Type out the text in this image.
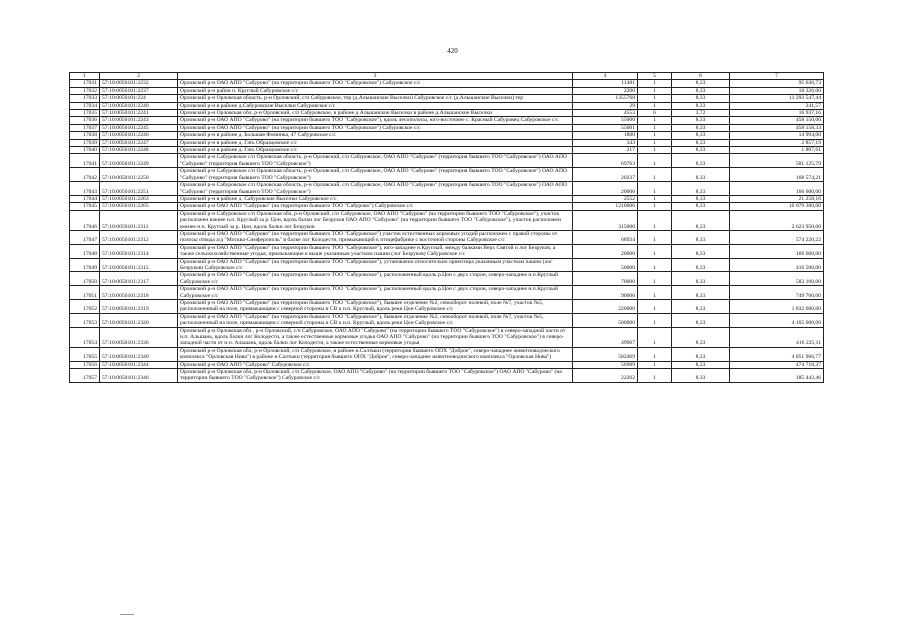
420
1	2	3	4	5	6	7
17031	57:10:0050101:2232	Орловский р-н ОАО АПО "Сабурово" (на территории бывшего ТОО "Сабуровское") Сабуровское с/с	11481	1	8,33	95 636,73
17032	57:10:0050101:2237	Орловский р-н район п. Круглый Сабуровское с/с	2200	1	8,33	18 326,00
17033	57:10:0050101:224	Орловский р-н Орловская область, р-н Орловский, с/п Сабуровское, тер (д.Альшанские Выселки) Сабуровское с/с (д.Альшанские Выселки) тер	1355768	1	8,33	11 293 547,44
17034	57:10:0050101:2240	Орловский р-н в районе д.Сабуровские Выселки Сабуровское с/с	29	1	8,33	241,57
17035	57:10:0050101:2241	Орловский р-н Орловская обл, р-н Орловский, с/п Сабуровское, в районе д Альшанские Выселки в районе д.Альшанские Выселки	4553	6	3,72	16 937,16
17036	57:10:0050101:2243	Орловский р-н ОАО АПО "Сабурово" (на территории бывшего ТОО "Сабуровское"), вдоль лесополосы, юго-восточнее с. Красный Сабуровец Сабуровское с/с	55000	1	8,33	458 150,00
17037	57:10:0050101:2245	Орловский р-н ОАО АПО "Сабурово" (на территории бывшего ТОО "Сабуровское") Сабуровское с/с	55001	1	8,33	458 158,33
17038	57:10:0050101:2246	Орловский р-н в районе д. Большая Фоминка, 47 Сабуровское с/с	1800	1	8,33	14 994,00
17039	57:10:0050101:2247	Орловский р-н в районе д. Гать Образцовское с/с	343	1	8,33	2 857,19
17040	57:10:0050101:2248	Орловский р-н в районе д. Гать Образцовское с/с	217	1	8,33	1 807,61
17041	57:10:0050101:2249	Орловский р-н Сабуровское с/п Орловская область, р-н Орловский, с/п Сабуровское, ОАО АПО "Сабурово" (территория бывшего ТОО "Сабуровское") ОАО АПО "Сабурово" (территория бывшего ТОО "Сабуровское")	69763	1	8,33	581 125,79
17042	57:10:0050101:2250	Орловский р-н Сабуровское с/п Орловская область, р-н Орловский, с/п Сабуровское, ОАО АПО "Сабурово" (территория бывшего ТОО "Сабуровское") ОАО АПО "Сабурово" (территория бывшего ТОО "Сабуровское")	20237	1	8,33	168 574,21
17043	57:10:0050101:2251	Орловский р-н Сабуровское с/п Орловская область, р-н Орловский, с/п Сабуровское, ОАО АПО "Сабурово" (территория бывшего ТОО "Сабуровское") ОАО АПО "Сабурово" (территория бывшего ТОО "Сабуровское")	20000	1	8,33	166 600,00
17044	57:10:0050101:2263	Орловский р-н в районе д. Сабуровские Выселки Сабуровское с/с	2552	1	8,33	21 258,16
17045	57:10:0050101:2265	Орловский р-н ОАО АПО "Сабурово" (на территории бывшего ТОО "Сабурово") Сабуровское с/с	1210000	1	8,33	10 079 300,00
17046	57:10:0050101:2311	Орловский р-н Сабуровское с/п Орловская обл, р-н Орловский, с/п Сабуровское, ОАО АПО "Сабурово" (на территории бывшего ТОО "Сабуровское"), участок расположен южнее н.п. Круглый за р. Цон, вдоль балки лог Безруков ОАО АПО "Сабурово" (на территории бывшего ТОО "Сабуровское"), участок расположен южнее н.п. Круглый за р. Цон, вдоль балки лог Безруков	315000	1	8,33	2 623 950,00
17047	57:10:0050101:2312	Орловский р-н ОАО АПО "Сабурово" (на территории бывшего ТОО "Сабуровское") участок естественных кормовых угодий расположен с правой стороны от полосы отвода а/д "Москва-Симферополь" в балке лог Колодести, примыкающий к птицефабрике с восточной стороны Сабуровское с/с	68934	1	8,33	574 220,22
17048	57:10:0050101:2314	Орловский р-н ОАО АПО "Сабурово" (на территории бывшего ТОО "Сабуровское"), юго-западнее н.Круглый, между балками Верх Святой и лог Безруков, а также сельскохозяйственные угодья, примыкающие к выше указанным участком пашни (лог Безруков) Сабуровское с/с	20000	1	8,33	166 600,00
17049	57:10:0050101:2315	Орловский р-н ОАО АПО "Сабурово" (на территории бывшего ТОО "Сабуровское"), установлено относительно ориентира указанным участкам пашни (лог Безруков) Сабуровское с/с	50000	1	8,33	416 500,00
17050	57:10:0050101:2317	Орловский р-н ОАО АПО "Сабурово" (на территории бывшего ТОО "Сабуровское"), расположенный вдоль р.Цон с двух сторон, северо-западнее н.п.Круглый Сабуровское с/с	70000	1	8,33	583 100,00
17051	57:10:0050101:2318	Орловский р-н ОАО АПО "Сабурово" (на территории бывшего ТОО "Сабуровское"), расположенный вдоль р.Цон с двух сторон, северо-западнее н.п.Круглый Сабуровское с/с	90000	1	8,33	749 700,00
17052	57:10:0050101:2319	Орловский р-н ОАО АПО "Сабурово" (на территории бывшего ТОО "Сабуровское"), бывшее отделение №2, севооборот полевой, поле №7, участок №5, расположенный на поле, примыкающем с северной стороны и СВ к н.п. Круглый, вдоль реки Цон Сабуровское с/с	220000	1	8,33	1 832 600,00
17053	57:10:0050101:2320	Орловский р-н ОАО АПО "Сабурово" (на территории бывшего ТОО "Сабуровское"), бывшее отделение №2, севооборот полевой, поле №7, участок №5, расположенный на поле, примыкающем с северной стороны и СВ к н.п. Круглый, вдоль реки Цон Сабуровское с/с	500000	1	8,33	4 165 000,00
17054	57:10:0050101:2336	Орловский р-н Орловская обл., р-н Орловский, с/п Сабуровское, ОАО АПО "Сабурово" (на территории бывшего ТОО "Сабуровское") в северо-западной части от н.п. Альшань, вдоль балки лог Колодести, а также естественные кормовые угодья ОАО АПО "Сабурово" (на территории бывшего ТОО "Сабуровское") в северо-западной части от н.п. Альшань, вдоль балки лог Колодести, а также естественные кормовые угодья	49967	1	8,33	416 225,11
17055	57:10:0050101:2340	Орловский р-н Орловская обл, р-н Орловский, с/п Сабуровское, в районе н.Салтыки (территория бывшего ОПХ "Доброе", северо-западнее животноводческого комплекса "Орловская Нива") в районе н.Салтыки (территория бывшего ОПХ "Доброе", северо-западнее животноводческого комплекса "Орловская Нива")	582469	1	8,33	4 851 966,77
17056	57:10:0050101:2344	Орловский р-н ОАО АПО "Сабурово" Сабуровское с/с	56989	1	8,33	474 718,37
17057	57:10:0050101:2346	Орловский р-н Орловская обл, р-н Орловский, с/п Сабуровское, ОАО АПО "Сабурово" (на территории бывшего ТОО "Сабуровское") ОАО АПО "Сабурово" (на территории бывшего ТОО "Сабуровское") Сабуровское с/с	22262	1	8,33	185 442,46
